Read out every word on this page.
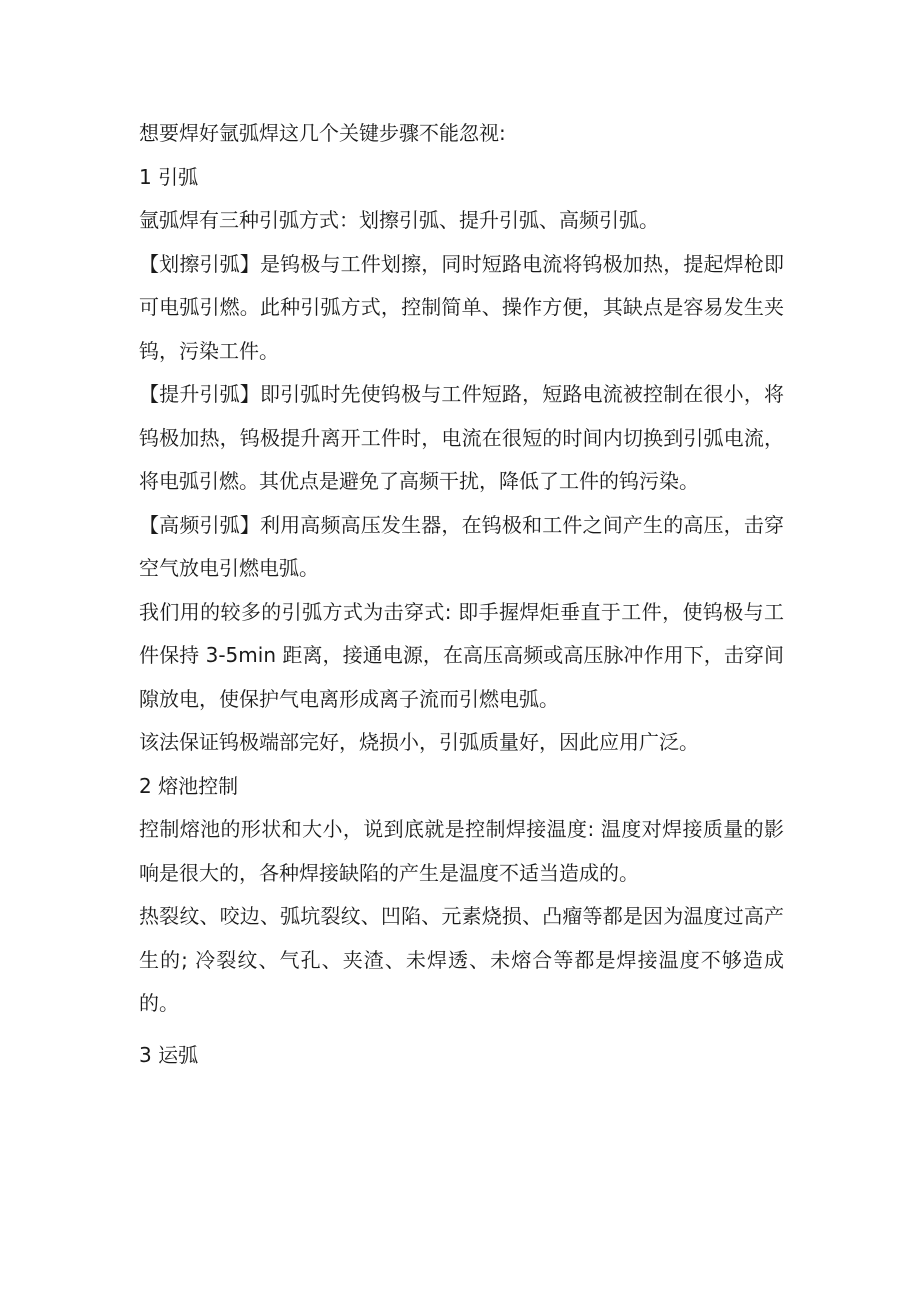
想要焊好氩弧焊这几个关键步骤不能忽视:

1 引弧

氩弧焊有三种引弧方式：划擦引弧、提升引弧、高频引弧。

【划擦引弧】是钨极与工件划擦，同时短路电流将钨极加热，提起焊枪即可电弧引燃。此种引弧方式，控制简单、操作方便，其缺点是容易发生夹钨，污染工件。

【提升引弧】即引弧时先使钨极与工件短路，短路电流被控制在很小，将钨极加热，钨极提升离开工件时，电流在很短的时间内切换到引弧电流，将电弧引燃。其优点是避免了高频干扰，降低了工件的钨污染。

【高频引弧】利用高频高压发生器，在钨极和工件之间产生的高压，击穿空气放电引燃电弧。

我们用的较多的引弧方式为击穿式: 即手握焊炬垂直于工件，使钨极与工件保持 3-5min 距离，接通电源，在高压高频或高压脉冲作用下，击穿间隙放电，使保护气电离形成离子流而引燃电弧。

该法保证钨极端部完好，烧损小，引弧质量好，因此应用广泛。

2 熔池控制

控制熔池的形状和大小，说到底就是控制焊接温度: 温度对焊接质量的影响是很大的，各种焊接缺陷的产生是温度不适当造成的。

热裂纹、咬边、弧坑裂纹、凹陷、元素烧损、凸瘤等都是因为温度过高产生的; 冷裂纹、气孔、夹渣、未焊透、未熔合等都是焊接温度不够造成的。

3 运弧
